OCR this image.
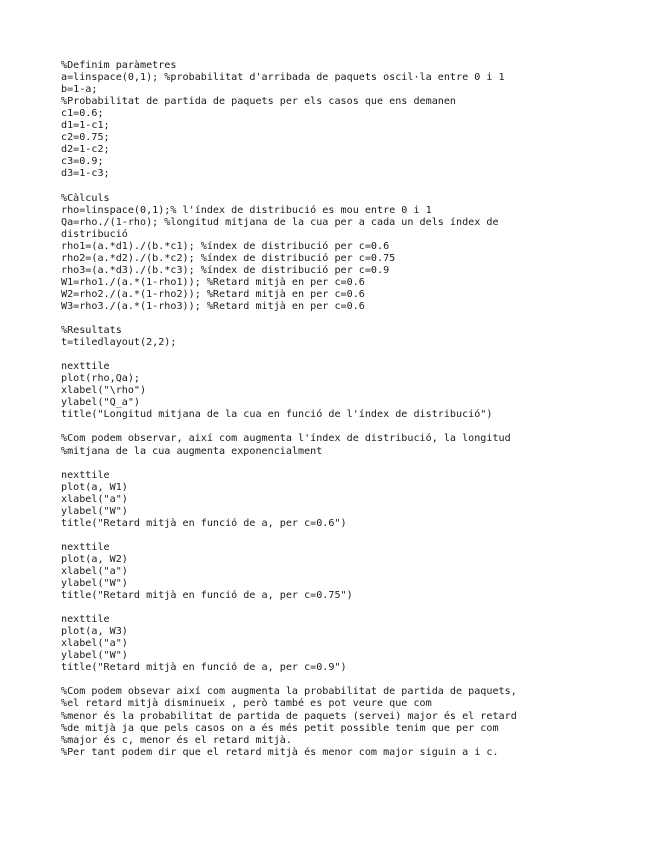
%Definim paràmetres
a=linspace(0,1); %probabilitat d'arribada de paquets oscil·la entre 0 i 1
b=1-a;
%Probabilitat de partida de paquets per els casos que ens demanen
c1=0.6;
d1=1-c1;
c2=0.75;
d2=1-c2;
c3=0.9;
d3=1-c3;
%Càlculs
rho=linspace(0,1);% l'índex de distribució es mou entre 0 i 1
Qa=rho./(1-rho); %longitud mitjana de la cua per a cada un dels índex de
distribució
rho1=(a.*d1)./(b.*c1); %índex de distribució per c=0.6
rho2=(a.*d2)./(b.*c2); %índex de distribució per c=0.75
rho3=(a.*d3)./(b.*c3); %índex de distribució per c=0.9
W1=rho1./(a.*(1-rho1)); %Retard mitjà en per c=0.6
W2=rho2./(a.*(1-rho2)); %Retard mitjà en per c=0.6
W3=rho3./(a.*(1-rho3)); %Retard mitjà en per c=0.6
%Resultats
t=tiledlayout(2,2);
nexttile
plot(rho,Qa);
xlabel("\rho")
ylabel("Q_a")
title("Longitud mitjana de la cua en funció de l'índex de distribució")
%Com podem observar, així com augmenta l'índex de distribució, la longitud
%mitjana de la cua augmenta exponencialment
nexttile
plot(a, W1)
xlabel("a")
ylabel("W")
title("Retard mitjà en funció de a, per c=0.6")
nexttile
plot(a, W2)
xlabel("a")
ylabel("W")
title("Retard mitjà en funció de a, per c=0.75")
nexttile
plot(a, W3)
xlabel("a")
ylabel("W")
title("Retard mitjà en funció de a, per c=0.9")
%Com podem obsevar així com augmenta la probabilitat de partida de paquets,
%el retard mitjà disminueix , però també es pot veure que com
%menor és la probabilitat de partida de paquets (servei) major és el retard
%de mitjà ja que pels casos on a és més petit possible tenim que per com
%major és c, menor és el retard mitjà.
%Per tant podem dir que el retard mitjà és menor com major siguin a i c.
